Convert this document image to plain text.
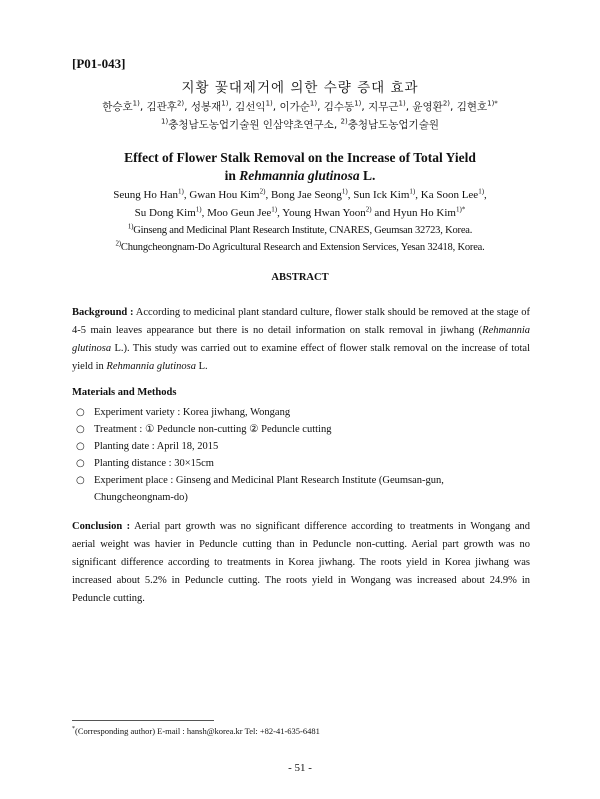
[P01-043]
지황 꽃대제거에 의한 수량 증대 효과
한승호$^{1)}$, 김관후$^{2)}$, 성봉재$^{1)}$, 김선익$^{1)}$, 이가순$^{1)}$, 김수동$^{1)}$, 지무근$^{1)}$, 윤영환$^{2)}$, 김현호$^{1)*}$
$^{1)}$충청남도농업기술원 인삼약초연구소, $^{2)}$충청남도농업기술원
Effect of Flower Stalk Removal on the Increase of Total Yield
in Rehmannia glutinosa L.
Seung Ho Han$^{1)}$, Gwan Hou Kim$^{2)}$, Bong Jae Seong$^{1)}$, Sun Ick Kim$^{1)}$, Ka Soon Lee$^{1)}$,
Su Dong Kim$^{1)}$, Moo Geun Jee$^{1)}$, Young Hwan Yoon$^{2)}$ and Hyun Ho Kim$^{1)*}$
$^{1)}$Ginseng and Medicinal Plant Research Institute, CNARES, Geumsan 32723, Korea.
$^{2)}$Chungcheongnam-Do Agricultural Research and Extension Services, Yesan 32418, Korea.
ABSTRACT
Background : According to medicinal plant standard culture, flower stalk should be removed at the stage of 4-5 main leaves appearance but there is no detail information on stalk removal in jiwhang (Rehmannia glutinosa L.). This study was carried out to examine effect of flower stalk removal on the increase of total yield in Rehmannia glutinosa L.
Materials and Methods
○ Experiment variety : Korea jiwhang, Wongang
○ Treatment : ① Peduncle non-cutting ② Peduncle cutting
○ Planting date : April 18, 2015
○ Planting distance : 30×15cm
○ Experiment place : Ginseng and Medicinal Plant Research Institute (Geumsan-gun, Chungcheongnam-do)
Conclusion : Aerial part growth was no significant difference according to treatments in Wongang and aerial weight was havier in Peduncle cutting than in Peduncle non-cutting. Aerial part growth was no significant difference according to treatments in Korea jiwhang. The roots yield in Korea jiwhang was increased about 5.2% in Peduncle cutting. The roots yield in Wongang was increased about 24.9% in Peduncle cutting.
*(Corresponding author) E-mail : hansh@korea.kr Tel: +82-41-635-6481
- 51 -
